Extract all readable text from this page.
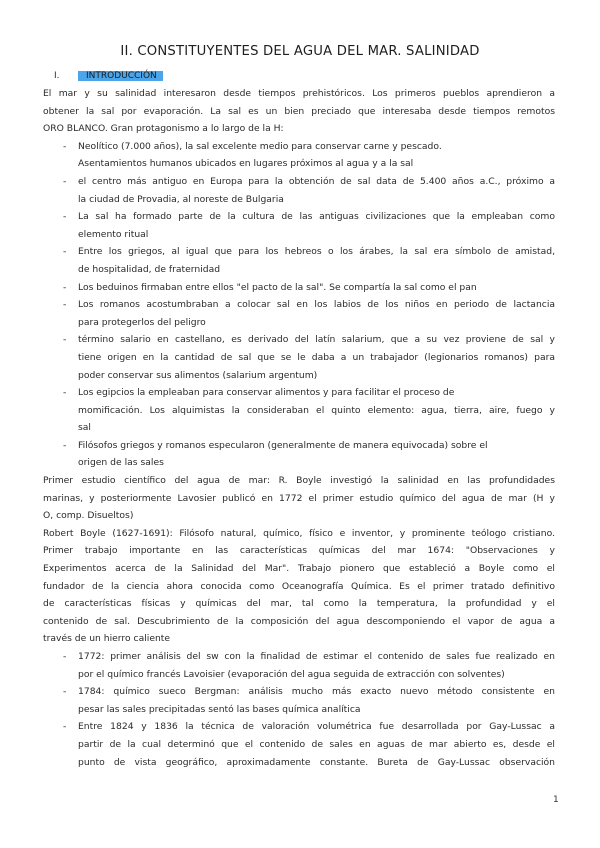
II. CONSTITUYENTES DEL AGUA DEL MAR. SALINIDAD
I.	INTRODUCCIÓN
El mar y su salinidad interesaron desde tiempos prehistóricos. Los primeros pueblos aprendieron a
obtener la sal por evaporación. La sal es un bien preciado que interesaba desde tiempos remotos
ORO BLANCO. Gran protagonismo a lo largo de la H:
- Neolítico (7.000 años), la sal excelente medio para conservar carne y pescado.
Asentamientos humanos ubicados en lugares próximos al agua y a la sal
- el centro más antiguo en Europa para la obtención de sal data de 5.400 años a.C., próximo a
la ciudad de Provadia, al noreste de Bulgaria
- La sal ha formado parte de la cultura de las antiguas civilizaciones que la empleaban como
elemento ritual
- Entre los griegos, al igual que para los hebreos o los árabes, la sal era símbolo de amistad,
de hospitalidad, de fraternidad
- Los beduinos firmaban entre ellos "el pacto de la sal". Se compartía la sal como el pan
- Los romanos acostumbraban a colocar sal en los labios de los niños en periodo de lactancia
para protegerlos del peligro
- término salario en castellano, es derivado del latín salarium, que a su vez proviene de sal y
tiene origen en la cantidad de sal que se le daba a un trabajador (legionarios romanos) para
poder conservar sus alimentos (salarium argentum)
- Los egipcios la empleaban para conservar alimentos y para facilitar el proceso de
momificación. Los alquimistas la consideraban el quinto elemento: agua, tierra, aire, fuego y
sal
- Filósofos griegos y romanos especularon (generalmente de manera equivocada) sobre el
origen de las sales
Primer estudio científico del agua de mar: R. Boyle investigó la salinidad en las profundidades
marinas, y posteriormente Lavosier publicó en 1772 el primer estudio químico del agua de mar (H y
O, comp. Disueltos)
Robert Boyle (1627-1691): Filósofo natural, químico, físico e inventor, y prominente teólogo cristiano.
Primer trabajo importante en las características químicas del mar 1674: "Observaciones y
Experimentos acerca de la Salinidad del Mar". Trabajo pionero que estableció a Boyle como el
fundador de la ciencia ahora conocida como Oceanografía Química. Es el primer tratado definitivo
de características físicas y químicas del mar, tal como la temperatura, la profundidad y el
contenido de sal. Descubrimiento de la composición del agua descomponiendo el vapor de agua a
través de un hierro caliente
- 1772: primer análisis del sw con la finalidad de estimar el contenido de sales fue realizado en
por el químico francés Lavoisier (evaporación del agua seguida de extracción con solventes)
- 1784: químico sueco Bergman: análisis mucho más exacto nuevo método consistente en
pesar las sales precipitadas sentó las bases química analítica
- Entre 1824 y 1836 la técnica de valoración volumétrica fue desarrollada por Gay-Lussac a
partir de la cual determinó que el contenido de sales en aguas de mar abierto es, desde el
punto de vista geográfico, aproximadamente constante. Bureta de Gay-Lussac observación
1
